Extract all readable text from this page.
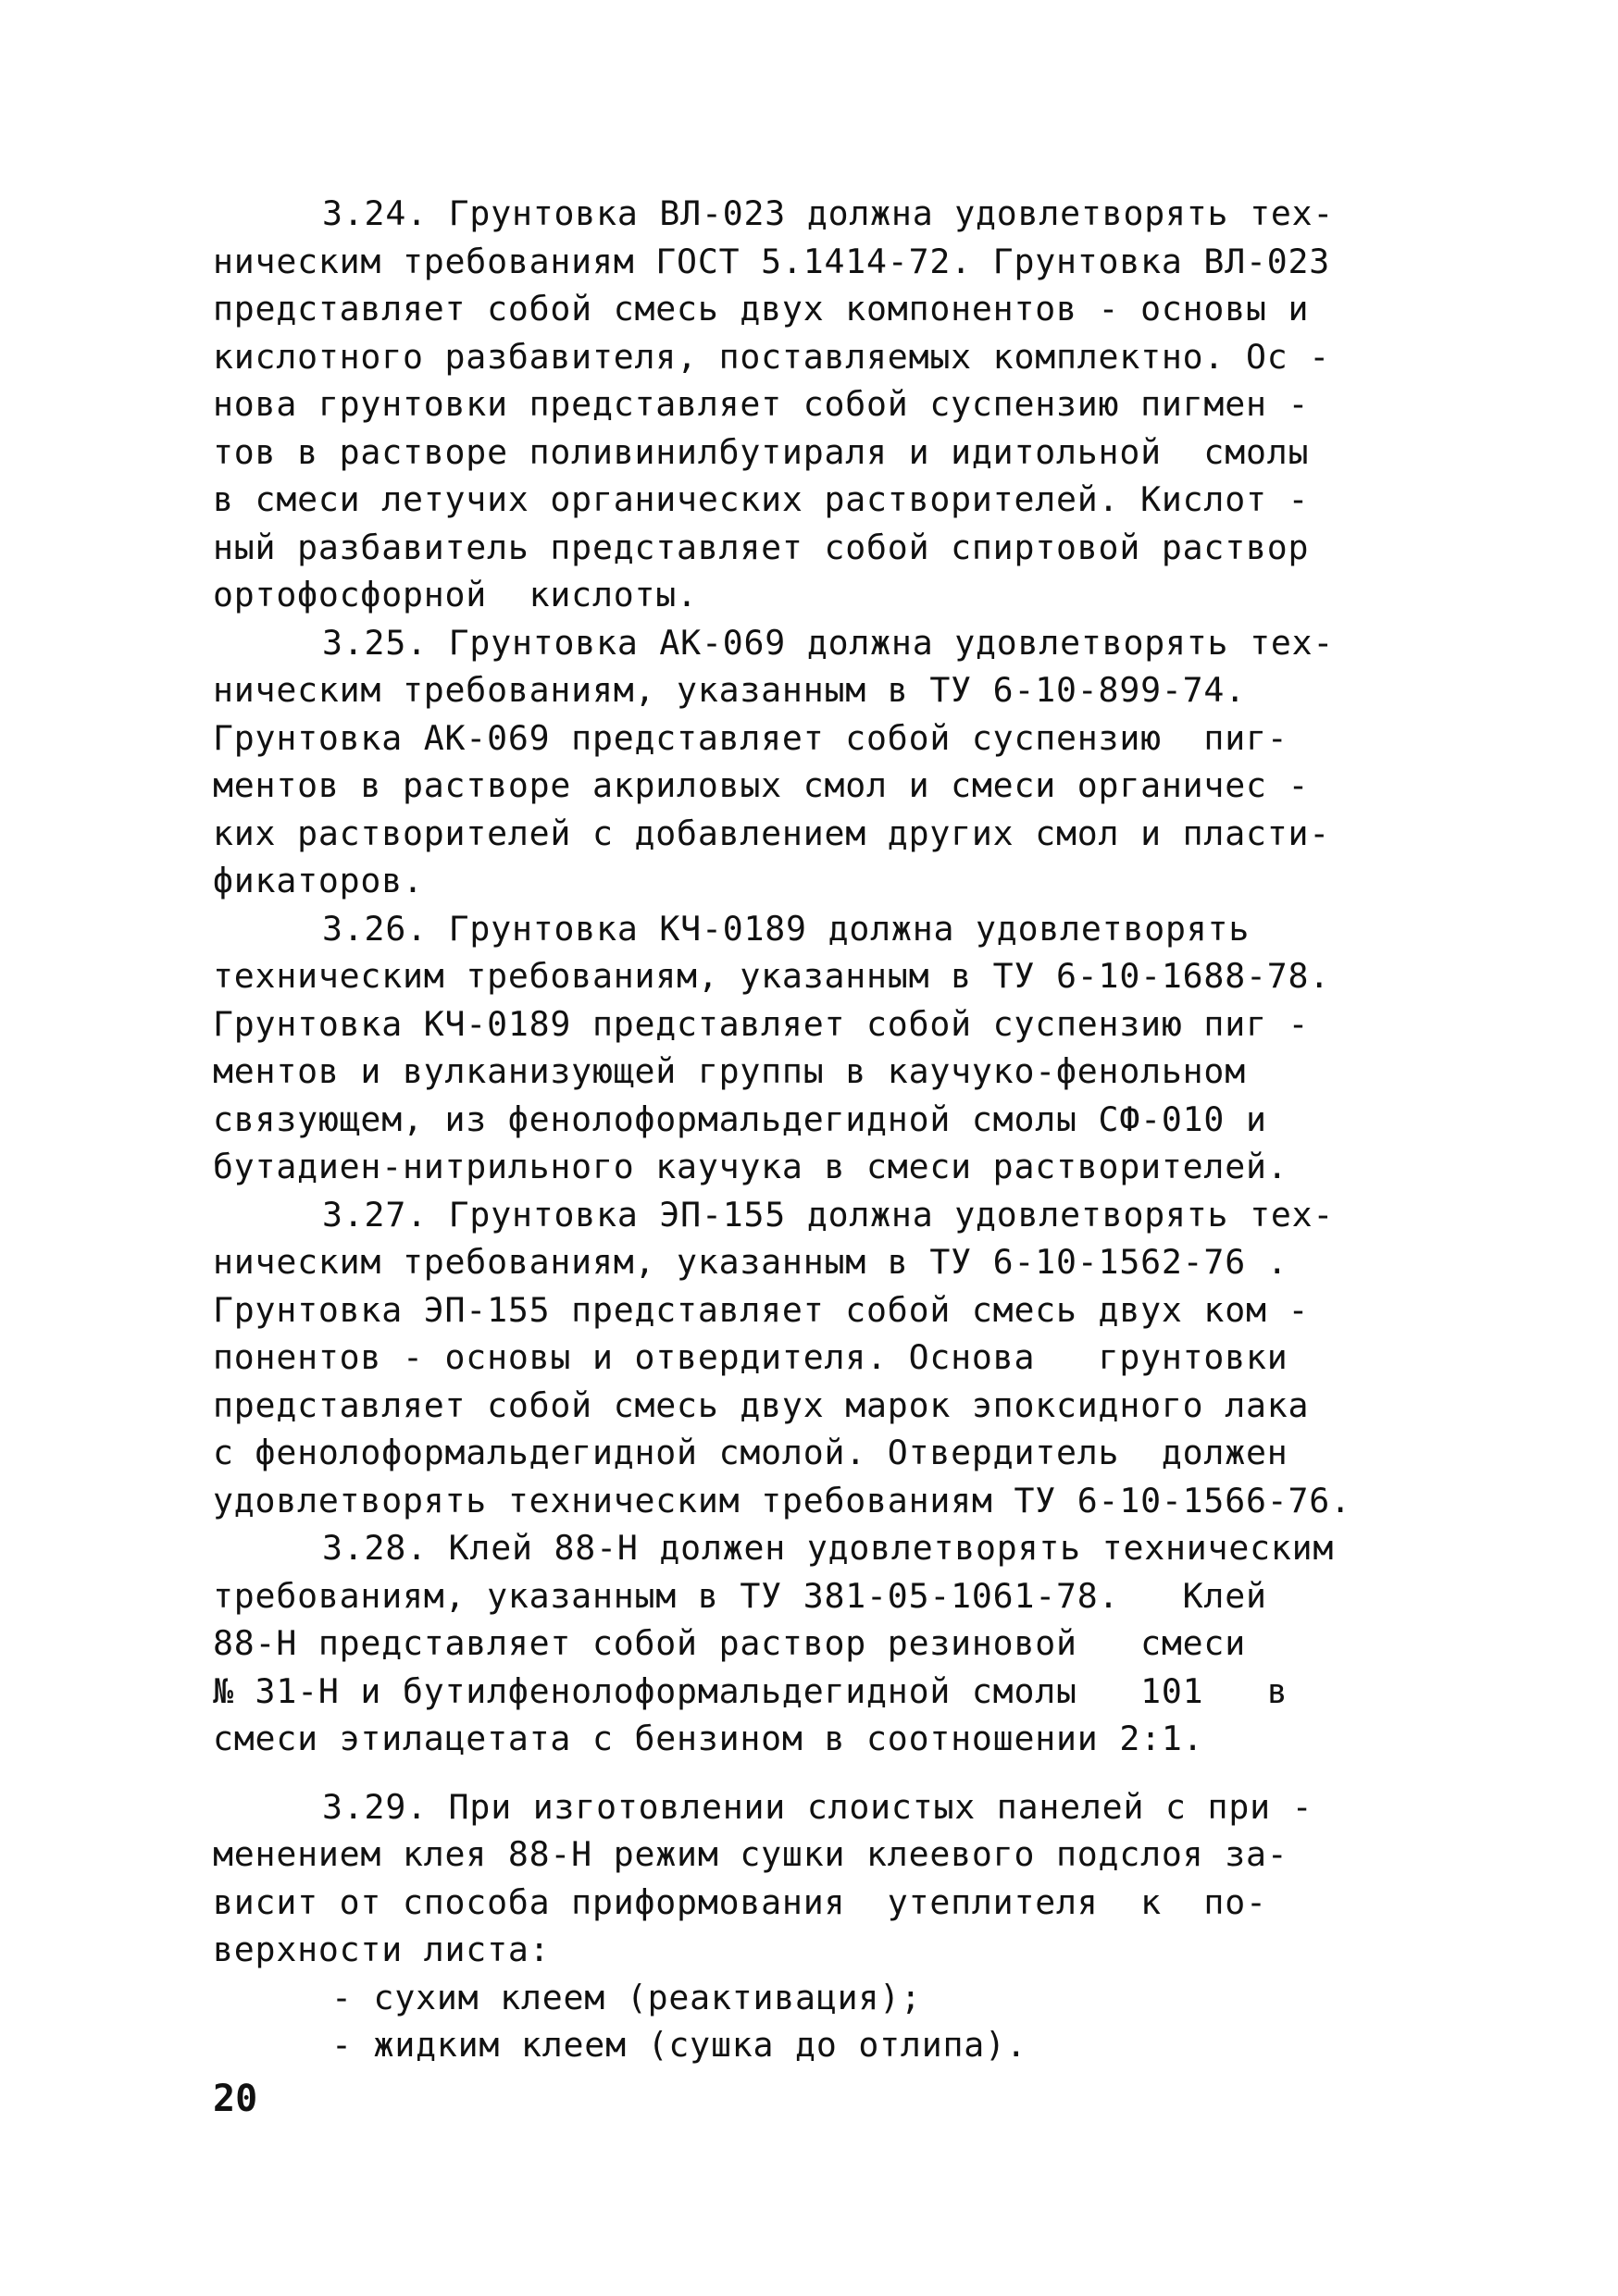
3.24. Грунтовка ВЛ-023 должна удовлетворять тех-
ническим требованиям ГОСТ 5.1414-72. Грунтовка ВЛ-023
представляет собой смесь двух компонентов - основы и
кислотного разбавителя, поставляемых комплектно. Ос -
нова грунтовки представляет собой суспензию пигмен -
тов в растворе поливинилбутираля и идитольной  смолы
в смеси летучих органических растворителей. Кислот -
ный разбавитель представляет собой спиртовой раствор
ортофосфорной  кислоты.
3.25. Грунтовка АК-069 должна удовлетворять тех-
ническим требованиям, указанным в ТУ 6-10-899-74.
Грунтовка АК-069 представляет собой суспензию  пиг-
ментов в растворе акриловых смол и смеси органичес -
ких растворителей с добавлением других смол и пласти-
фикаторов.
3.26. Грунтовка КЧ-0189 должна удовлетворять
техническим требованиям, указанным в ТУ 6-10-1688-78.
Грунтовка КЧ-0189 представляет собой суспензию пиг -
ментов и вулканизующей группы в каучуко-фенольном
связующем, из фенолоформальдегидной смолы СФ-010 и
бутадиен-нитрильного каучука в смеси растворителей.
3.27. Грунтовка ЭП-155 должна удовлетворять тех-
ническим требованиям, указанным в ТУ 6-10-1562-76 .
Грунтовка ЭП-155 представляет собой смесь двух ком -
понентов - основы и отвердителя. Основа   грунтовки
представляет собой смесь двух марок эпоксидного лака
с фенолоформальдегидной смолой. Отвердитель  должен
удовлетворять техническим требованиям ТУ 6-10-1566-76.
3.28. Клей 88-Н должен удовлетворять техническим
требованиям, указанным в ТУ 381-05-1061-78.   Клей
88-Н представляет собой раствор резиновой   смеси
№ 31-Н и бутилфенолоформальдегидной смолы   101   в
смеси этилацетата с бензином в соотношении 2:1.
3.29. При изготовлении слоистых панелей с при -
менением клея 88-Н режим сушки клеевого подслоя за-
висит от способа приформования  утеплителя  к  по-
верхности листа:
- сухим клеем (реактивация);
- жидким клеем (сушка до отлипа).
20
